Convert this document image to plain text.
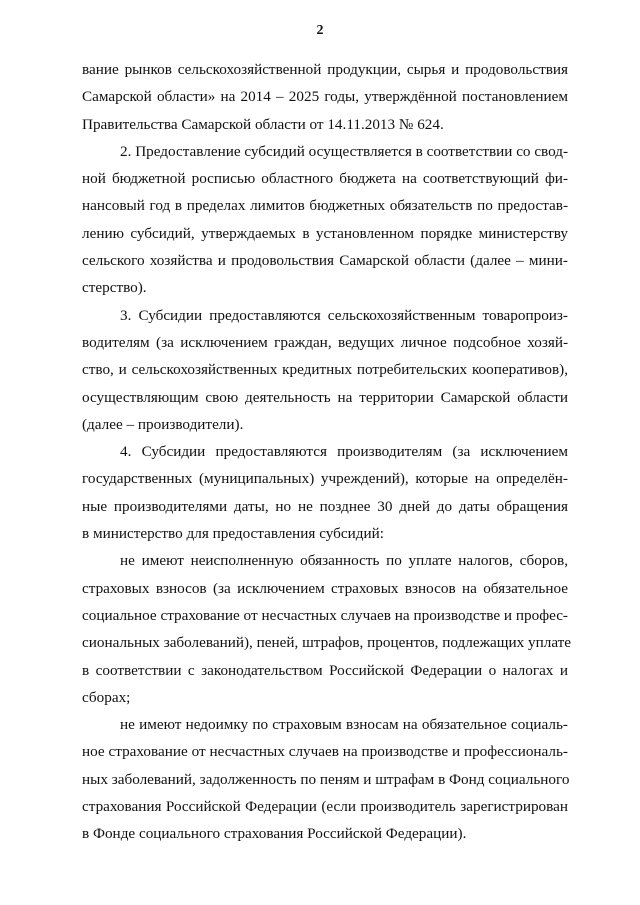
2

вание рынков сельскохозяйственной продукции, сырья и продовольствия
Самарской области» на 2014 – 2025 годы, утверждённой постановлением
Правительства Самарской области от 14.11.2013 № 624.

2. Предоставление субсидий осуществляется в соответствии со свод-
ной бюджетной росписью областного бюджета на соответствующий фи-
нансовый год в пределах лимитов бюджетных обязательств по предостав-
лению субсидий, утверждаемых в установленном порядке министерству
сельского хозяйства и продовольствия Самарской области (далее – мини-
стерство).

3. Субсидии предоставляются сельскохозяйственным товаропроиз-
водителям (за исключением граждан, ведущих личное подсобное хозяй-
ство, и сельскохозяйственных кредитных потребительских кооперативов),
осуществляющим свою деятельность на территории Самарской области
(далее – производители).

4. Субсидии предоставляются производителям (за исключением
государственных (муниципальных) учреждений), которые на определён-
ные производителями даты, но не позднее 30 дней до даты обращения
в министерство для предоставления субсидий:

не имеют неисполненную обязанность по уплате налогов, сборов,
страховых взносов (за исключением страховых взносов на обязательное
социальное страхование от несчастных случаев на производстве и профес-
сиональных заболеваний), пеней, штрафов, процентов, подлежащих уплате
в соответствии с законодательством Российской Федерации о налогах и
сборах;

не имеют недоимку по страховым взносам на обязательное социаль-
ное страхование от несчастных случаев на производстве и профессиональ-
ных заболеваний, задолженность по пеням и штрафам в Фонд социального
страхования Российской Федерации (если производитель зарегистрирован
в Фонде социального страхования Российской Федерации).
